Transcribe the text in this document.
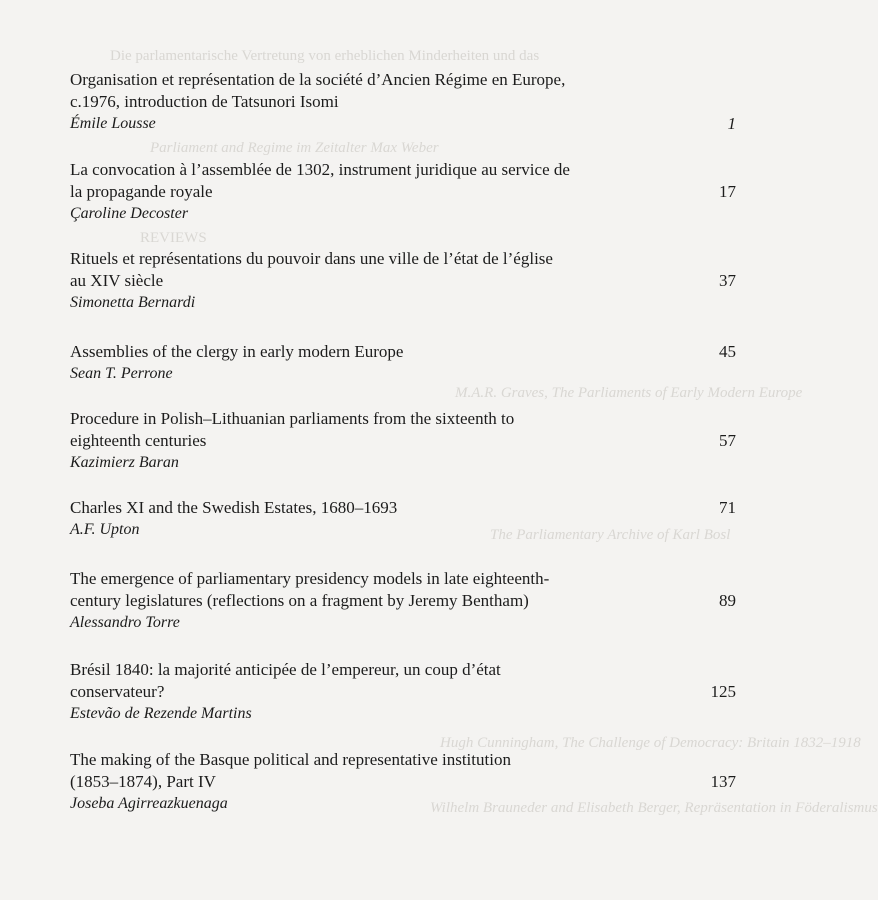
Die parlamentarische Vertretung von erheblichen Minderheiten und das
Parliament and Regime im Zeitalter Max Weber
REVIEWS
M.A.R. Graves, The Parliaments of Early Modern Europe
The Parliamentary Archive of Karl Bosl
Hugh Cunningham, The Challenge of Democracy: Britain 1832–1918
Wilhelm Brauneder and Elisabeth Berger, Repräsentation in Föderalismus
Organisation et représentation de la société d’Ancien Régime en Europe,
c.1976, introduction de Tatsunori Isomi
Émile Lousse	1
La convocation à l’assemblée de 1302, instrument juridique au service de
la propagande royale	17
Çaroline Decoster
Rituels et représentations du pouvoir dans une ville de l’état de l’église
au XIV siècle	37
Simonetta Bernardi
Assemblies of the clergy in early modern Europe	45
Sean T. Perrone
Procedure in Polish–Lithuanian parliaments from the sixteenth to
eighteenth centuries	57
Kazimierz Baran
Charles XI and the Swedish Estates, 1680–1693	71
A.F. Upton
The emergence of parliamentary presidency models in late eighteenth-
century legislatures (reflections on a fragment by Jeremy Bentham)	89
Alessandro Torre
Brésil 1840: la majorité anticipée de l’empereur, un coup d’état
conservateur?	125
Estevão de Rezende Martins
The making of the Basque political and representative institution
(1853–1874), Part IV	137
Joseba Agirreazkuenaga
